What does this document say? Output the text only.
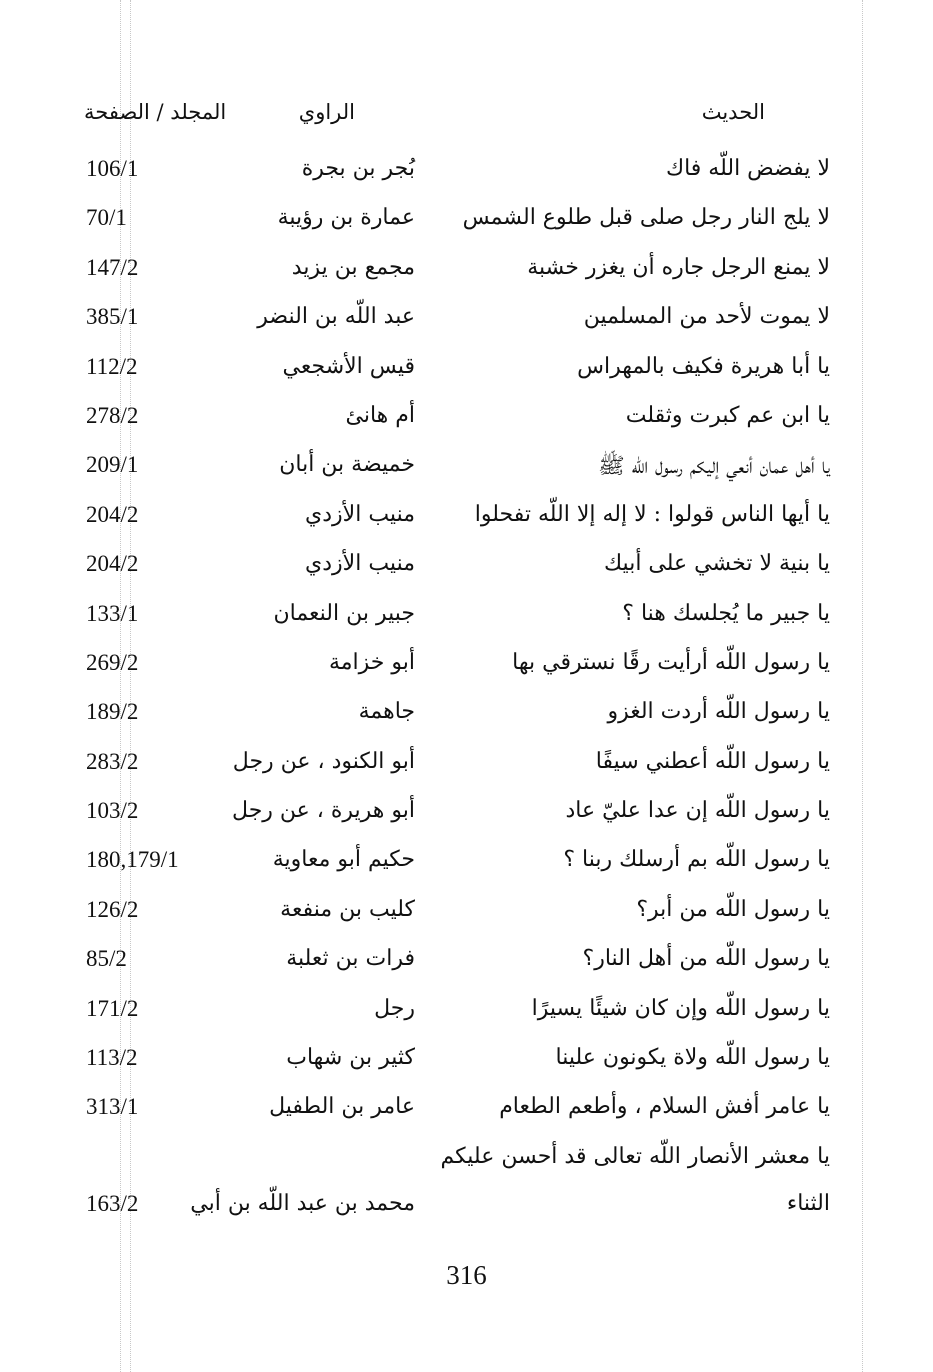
الحديث
الراوي
المجلد / الصفحة
لا يفضض اللّه فاك
بُجر بن بجرة
106/1
لا يلج النار رجل صلى قبل طلوع الشمس
عمارة بن رؤيبة
70/1
لا يمنع الرجل جاره أن يغزر خشبة
مجمع بن يزيد
147/2
لا يموت لأحد من المسلمين
عبد اللّه بن النضر
385/1
يا أبا هريرة فكيف بالمهراس
قيس الأشجعي
112/2
يا ابن عم كبرت وثقلت
أم هانئ
278/2
يا أهل عمان أنعي إليكم رسول اللّه ﷺ
خميضة بن أبان
209/1
يا أيها الناس قولوا : لا إله إلا اللّه تفحلوا
منيب الأزدي
204/2
يا بنية لا تخشي على أبيك
منيب الأزدي
204/2
يا جبير ما يُجلسك هنا ؟
جبير بن النعمان
133/1
يا رسول اللّه أرأيت رقًا نسترقي بها
أبو خزامة
269/2
يا رسول اللّه أردت الغزو
جاهمة
189/2
يا رسول اللّه أعطني سيفًا
أبو الكنود ، عن رجل
283/2
يا رسول اللّه إن عدا عليّ عاد
أبو هريرة ، عن رجل
103/2
يا رسول اللّه بم أرسلك ربنا ؟
حكيم أبو معاوية
180,179/1
يا رسول اللّه من أبر؟
كليب بن منفعة
126/2
يا رسول اللّه من أهل النار؟
فرات بن ثعلبة
85/2
يا رسول اللّه وإن كان شيئًا يسيرًا
رجل
171/2
يا رسول اللّه ولاة يكونون علينا
كثير بن شهاب
113/2
يا عامر أفش السلام ، وأطعم الطعام
عامر بن الطفيل
313/1
يا معشر الأنصار اللّه تعالى قد أحسن عليكم
الثناء
محمد بن عبد اللّه بن أبي
163/2
316
